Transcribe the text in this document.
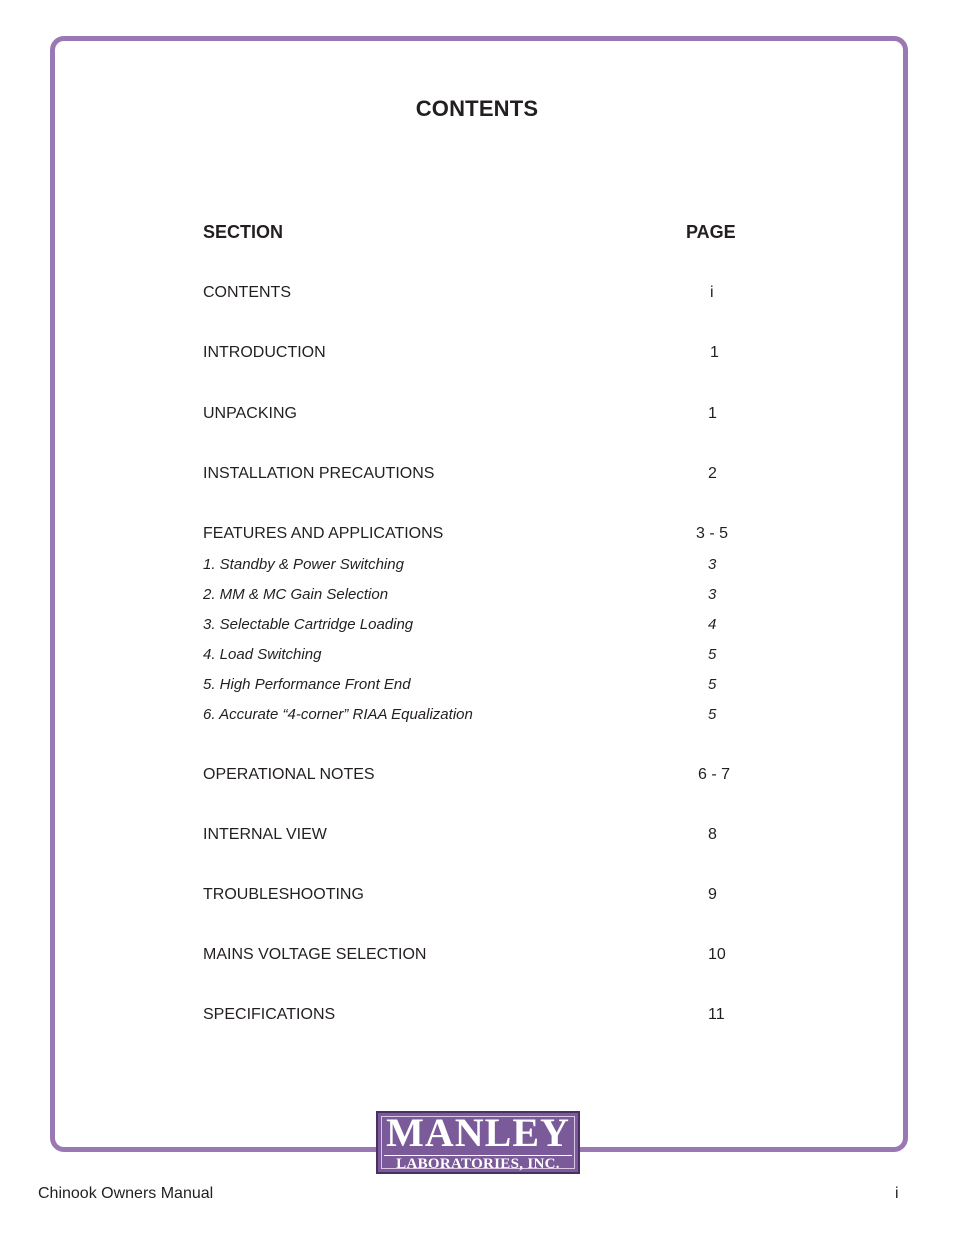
CONTENTS
SECTION	PAGE
CONTENTS	i
INTRODUCTION	1
UNPACKING	1
INSTALLATION PRECAUTIONS	2
FEATURES AND APPLICATIONS	3 - 5
1. Standby & Power Switching	3
2. MM & MC Gain Selection	3
3. Selectable Cartridge Loading	4
4. Load Switching	5
5. High Performance Front End	5
6. Accurate “4-corner” RIAA Equalization	5
OPERATIONAL NOTES	6 - 7
INTERNAL VIEW	8
TROUBLESHOOTING	9
MAINS VOLTAGE SELECTION	10
SPECIFICATIONS	11
MANLEY
LABORATORIES, INC.
Chinook Owners Manual	i
